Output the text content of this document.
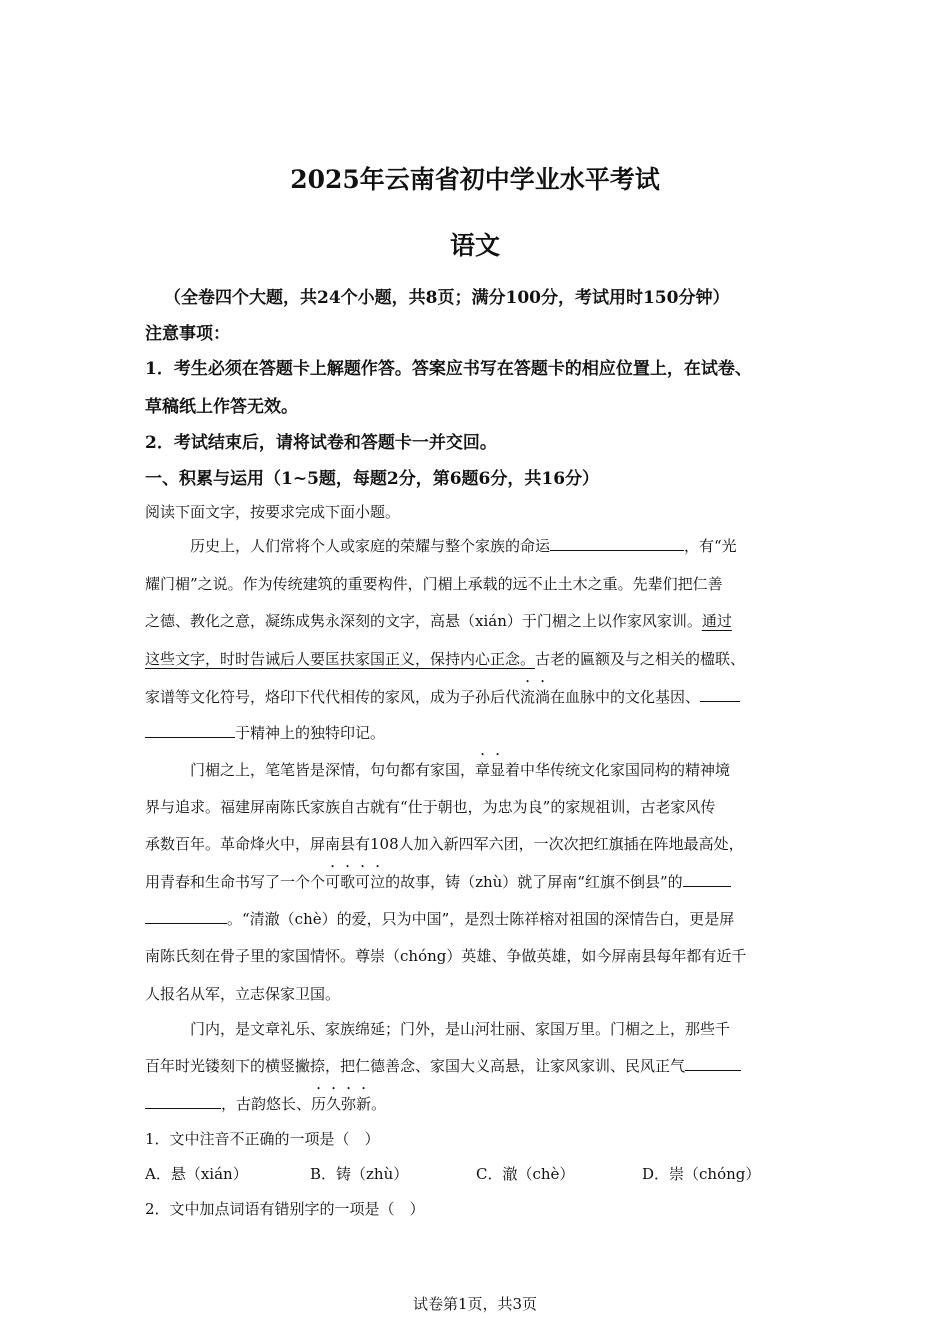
2025年云南省初中学业水平考试
语文
（全卷四个大题，共24个小题，共8页；满分100分，考试用时150分钟）
注意事项：
1．考生必须在答题卡上解题作答。答案应书写在答题卡的相应位置上，在试卷、
草稿纸上作答无效。
2．考试结束后，请将试卷和答题卡一并交回。
一、积累与运用（1~5题，每题2分，第6题6分，共16分）
阅读下面文字，按要求完成下面小题。
历史上，人们常将个人或家庭的荣耀与整个家族的命运	，有“光
耀门楣”之说。作为传统建筑的重要构件，门楣上承载的远不止土木之重。先辈们把仁善
之德、教化之意，凝练成隽永深刻的文字，高悬（xián）于门楣之上以作家风家训。通过
这些文字，时时告诫后人要匡扶家国正义，保持内心正念。古老的匾额及与之相关的楹联、
家谱等文化符号，烙印下代代相传的家风，成为子孙后代流淌在血脉中的文化基因、
于精神上的独特印记。
门楣之上，笔笔皆是深情，句句都有家国，章显着中华传统文化家国同构的精神境
界与追求。福建屏南陈氏家族自古就有“仕于朝也，为忠为良”的家规祖训，古老家风传
承数百年。革命烽火中，屏南县有108人加入新四军六团，一次次把红旗插在阵地最高处，
用青春和生命书写了一个个可歌可泣的故事，铸（zhù）就了屏南“红旗不倒县”的
。“清澈（chè）的爱，只为中国”，是烈士陈祥榕对祖国的深情告白，更是屏
南陈氏刻在骨子里的家国情怀。尊崇（chóng）英雄、争做英雄，如今屏南县每年都有近千
人报名从军，立志保家卫国。
门内，是文章礼乐、家族绵延；门外，是山河壮丽、家国万里。门楣之上，那些千
百年时光镂刻下的横竖撇捺，把仁德善念、家国大义高悬，让家风家训、民风正气
，古韵悠长、历久弥新。
1．文中注音不正确的一项是（　）
A．悬（xián）	B．铸（zhù）	C．澈（chè）	D．崇（chóng）
2．文中加点词语有错别字的一项是（　）
试卷第1页，共3页
